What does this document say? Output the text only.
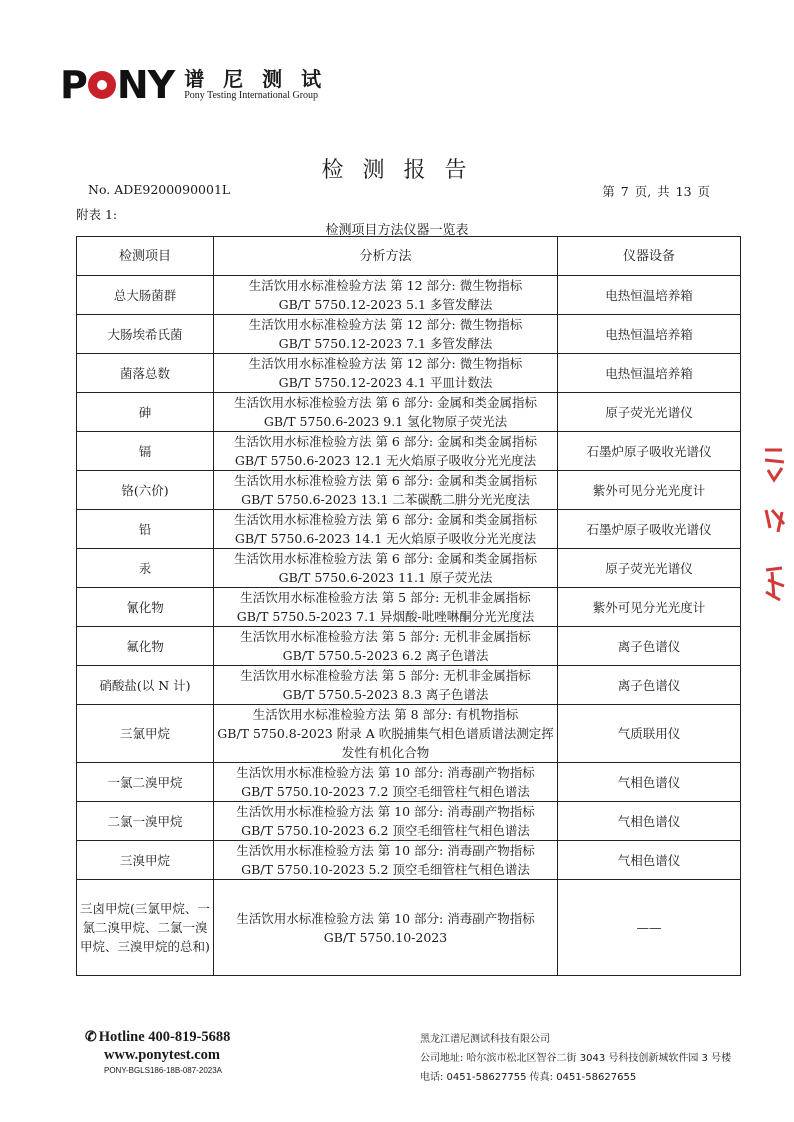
P N Y 谱 尼 测 试
Pony Testing International Group
检 测 报 告
No. ADE9200090001L	第 7 页, 共 13 页
附表 1:
检测项目方法仪器一览表
检测项目	分析方法	仪器设备
总大肠菌群	生活饮用水标准检验方法 第 12 部分: 微生物指标
GB/T 5750.12-2023 5.1 多管发酵法	电热恒温培养箱
大肠埃希氏菌	生活饮用水标准检验方法 第 12 部分: 微生物指标
GB/T 5750.12-2023 7.1 多管发酵法	电热恒温培养箱
菌落总数	生活饮用水标准检验方法 第 12 部分: 微生物指标
GB/T 5750.12-2023 4.1 平皿计数法	电热恒温培养箱
砷	生活饮用水标准检验方法 第 6 部分: 金属和类金属指标
GB/T 5750.6-2023 9.1 氢化物原子荧光法	原子荧光光谱仪
镉	生活饮用水标准检验方法 第 6 部分: 金属和类金属指标
GB/T 5750.6-2023 12.1 无火焰原子吸收分光光度法	石墨炉原子吸收光谱仪
铬(六价)	生活饮用水标准检验方法 第 6 部分: 金属和类金属指标
GB/T 5750.6-2023 13.1 二苯碳酰二肼分光光度法	紫外可见分光光度计
铅	生活饮用水标准检验方法 第 6 部分: 金属和类金属指标
GB/T 5750.6-2023 14.1 无火焰原子吸收分光光度法	石墨炉原子吸收光谱仪
汞	生活饮用水标准检验方法 第 6 部分: 金属和类金属指标
GB/T 5750.6-2023 11.1 原子荧光法	原子荧光光谱仪
氰化物	生活饮用水标准检验方法 第 5 部分: 无机非金属指标
GB/T 5750.5-2023 7.1 异烟酸-吡唑啉酮分光光度法	紫外可见分光光度计
氟化物	生活饮用水标准检验方法 第 5 部分: 无机非金属指标
GB/T 5750.5-2023 6.2 离子色谱法	离子色谱仪
硝酸盐(以 N 计)	生活饮用水标准检验方法 第 5 部分: 无机非金属指标
GB/T 5750.5-2023 8.3 离子色谱法	离子色谱仪
三氯甲烷	生活饮用水标准检验方法 第 8 部分: 有机物指标
GB/T 5750.8-2023 附录 A 吹脱捕集气相色谱质谱法测定挥发性有机化合物	气质联用仪
一氯二溴甲烷	生活饮用水标准检验方法 第 10 部分: 消毒副产物指标
GB/T 5750.10-2023 7.2 顶空毛细管柱气相色谱法	气相色谱仪
二氯一溴甲烷	生活饮用水标准检验方法 第 10 部分: 消毒副产物指标
GB/T 5750.10-2023 6.2 顶空毛细管柱气相色谱法	气相色谱仪
三溴甲烷	生活饮用水标准检验方法 第 10 部分: 消毒副产物指标
GB/T 5750.10-2023 5.2 顶空毛细管柱气相色谱法	气相色谱仪
三卤甲烷(三氯甲烷、一氯二溴甲烷、二氯一溴甲烷、三溴甲烷的总和)	生活饮用水标准检验方法 第 10 部分: 消毒副产物指标
GB/T 5750.10-2023	——
✆ Hotline 400-819-5688
www.ponytest.com
PONY-BGLS186-18B-087-2023A
黑龙江谱尼测试科技有限公司
公司地址: 哈尔滨市松北区智谷二街 3043 号科技创新城软件园 3 号楼
电话: 0451-58627755 传真: 0451-58627655
